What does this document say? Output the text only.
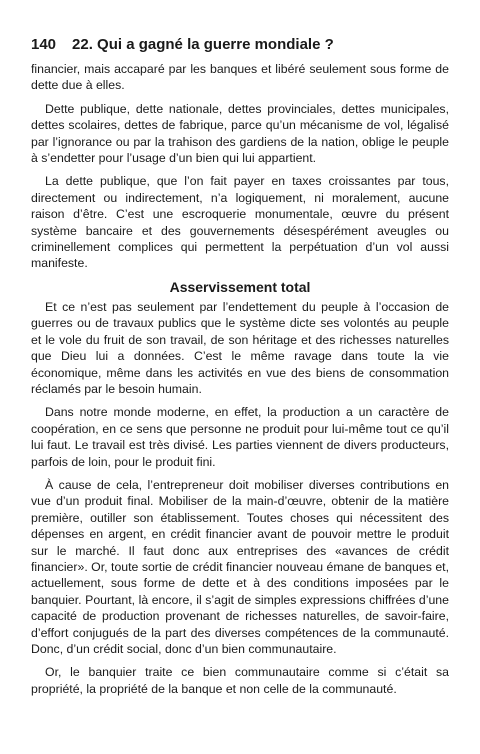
140 22. Qui a gagné la guerre mondiale ?

financier, mais accaparé par les banques et libéré seulement sous forme de dette due à elles.

Dette publique, dette nationale, dettes provinciales, dettes municipales, dettes scolaires, dettes de fabrique, parce qu’un mécanisme de vol, légalisé par l’ignorance ou par la trahison des gardiens de la nation, oblige le peuple à s’endetter pour l’usage d’un bien qui lui appartient.

La dette publique, que l’on fait payer en taxes croissantes par tous, directement ou indirectement, n’a logiquement, ni moralement, aucune raison d’être. C’est une escroquerie monumentale, œuvre du présent système bancaire et des gouvernements désespérément aveugles ou criminellement complices qui permettent la perpétuation d’un vol aussi manifeste.

Asservissement total

Et ce n’est pas seulement par l’endettement du peuple à l’occasion de guerres ou de travaux publics que le système dicte ses volontés au peuple et le vole du fruit de son travail, de son héritage et des richesses naturelles que Dieu lui a données. C’est le même ravage dans toute la vie économique, même dans les activités en vue des biens de consommation réclamés par le besoin humain.

Dans notre monde moderne, en effet, la production a un caractère de coopération, en ce sens que personne ne produit pour lui-même tout ce qu’il lui faut. Le travail est très divisé. Les parties viennent de divers producteurs, parfois de loin, pour le produit fini.

À cause de cela, l’entrepreneur doit mobiliser diverses contributions en vue d’un produit final. Mobiliser de la main-d’œuvre, obtenir de la matière première, outiller son établissement. Toutes choses qui nécessitent des dépenses en argent, en crédit financier avant de pouvoir mettre le produit sur le marché. Il faut donc aux entreprises des «avances de crédit financier». Or, toute sortie de crédit financier nouveau émane de banques et, actuellement, sous forme de dette et à des conditions imposées par le banquier. Pourtant, là encore, il s’agit de simples expressions chiffrées d’une capacité de production provenant de richesses naturelles, de savoir-faire, d’effort conjugués de la part des diverses compétences de la communauté. Donc, d’un crédit social, donc d’un bien communautaire.

Or, le banquier traite ce bien communautaire comme si c’était sa propriété, la propriété de la banque et non celle de la communauté.
